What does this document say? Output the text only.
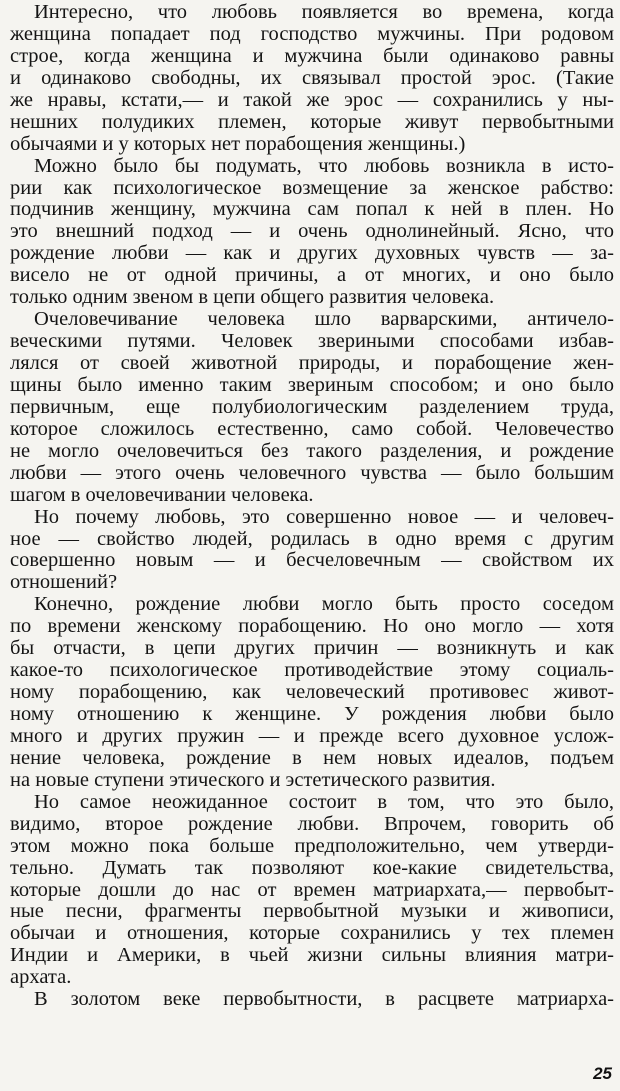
Интересно, что любовь появляется во времена, когда
женщина попадает под господство мужчины. При родовом
строе, когда женщина и мужчина были одинаково равны
и одинаково свободны, их связывал простой эрос. (Такие
же нравы, кстати,— и такой же эрос — сохранились у ны-
нешних полудиких племен, которые живут первобытными
обычаями и у которых нет порабощения женщины.)
Можно было бы подумать, что любовь возникла в исто-
рии как психологическое возмещение за женское рабство:
подчинив женщину, мужчина сам попал к ней в плен. Но
это внешний подход — и очень однолинейный. Ясно, что
рождение любви — как и других духовных чувств — за-
висело не от одной причины, а от многих, и оно было
только одним звеном в цепи общего развития человека.
Очеловечивание человека шло варварскими, античело-
веческими путями. Человек звериными способами избав-
лялся от своей животной природы, и порабощение жен-
щины было именно таким звериным способом; и оно было
первичным, еще полубиологическим разделением труда,
которое сложилось естественно, само собой. Человечество
не могло очеловечиться без такого разделения, и рождение
любви — этого очень человечного чувства — было большим
шагом в очеловечивании человека.
Но почему любовь, это совершенно новое — и человеч-
ное — свойство людей, родилась в одно время с другим
совершенно новым — и бесчеловечным — свойством их
отношений?
Конечно, рождение любви могло быть просто соседом
по времени женскому порабощению. Но оно могло — хотя
бы отчасти, в цепи других причин — возникнуть и как
какое-то психологическое противодействие этому социаль-
ному порабощению, как человеческий противовес живот-
ному отношению к женщине. У рождения любви было
много и других пружин — и прежде всего духовное услож-
нение человека, рождение в нем новых идеалов, подъем
на новые ступени этического и эстетического развития.
Но самое неожиданное состоит в том, что это было,
видимо, второе рождение любви. Впрочем, говорить об
этом можно пока больше предположительно, чем утверди-
тельно. Думать так позволяют кое-какие свидетельства,
которые дошли до нас от времен матриархата,— первобыт-
ные песни, фрагменты первобытной музыки и живописи,
обычаи и отношения, которые сохранились у тех племен
Индии и Америки, в чьей жизни сильны влияния матри-
архата.
В золотом веке первобытности, в расцвете матриарха-
25
